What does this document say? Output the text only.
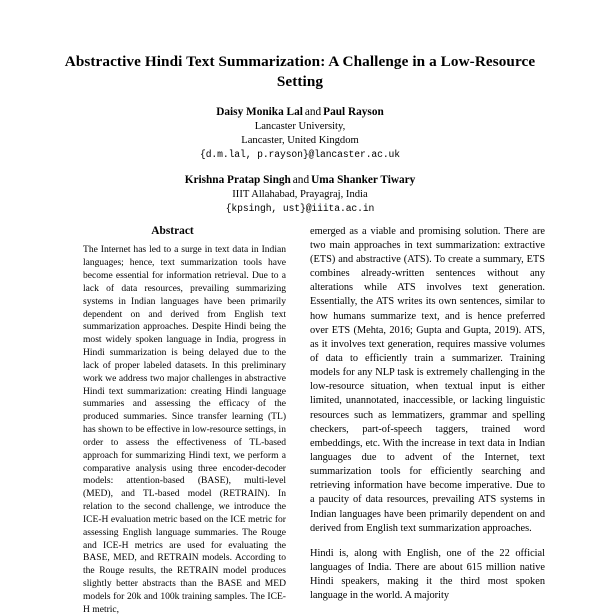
Abstractive Hindi Text Summarization: A Challenge in a Low-Resource Setting
Daisy Monika Lal and Paul Rayson
Lancaster University,
Lancaster, United Kingdom
{d.m.lal, p.rayson}@lancaster.ac.uk
Krishna Pratap Singh and Uma Shanker Tiwary
IIIT Allahabad, Prayagraj, India
{kpsingh, ust}@iiita.ac.in
Abstract

The Internet has led to a surge in text data in Indian languages; hence, text summarization tools have become essential for information retrieval. Due to a lack of data resources, prevailing summarizing systems in Indian languages have been primarily dependent on and derived from English text summarization approaches. Despite Hindi being the most widely spoken language in India, progress in Hindi summarization is being delayed due to the lack of proper labeled datasets. In this preliminary work we address two major challenges in abstractive Hindi text summarization: creating Hindi language summaries and assessing the efficacy of the produced summaries. Since transfer learning (TL) has shown to be effective in low-resource settings, in order to assess the effectiveness of TL-based approach for summarizing Hindi text, we perform a comparative analysis using three encoder-decoder models: attention-based (BASE), multi-level (MED), and TL-based model (RETRAIN). In relation to the second challenge, we introduce the ICE-H evaluation metric based on the ICE metric for assessing English language summaries. The Rouge and ICE-H metrics are used for evaluating the BASE, MED, and RETRAIN models. According to the Rouge results, the RETRAIN model produces slightly better abstracts than the BASE and MED models for 20k and 100k training samples. The ICE-H metric,

emerged as a viable and promising solution. There are two main approaches in text summarization: extractive (ETS) and abstractive (ATS). To create a summary, ETS combines already-written sentences without any alterations while ATS involves text generation. Essentially, the ATS writes its own sentences, similar to how humans summarize text, and is hence preferred over ETS (Mehta, 2016; Gupta and Gupta, 2019). ATS, as it involves text generation, requires massive volumes of data to efficiently train a summarizer. Training models for any NLP task is extremely challenging in the low-resource situation, when textual input is either limited, unannotated, inaccessible, or lacking linguistic resources such as lemmatizers, grammar and spelling checkers, part-of-speech taggers, trained word embeddings, etc. With the increase in text data in Indian languages due to advent of the Internet, text summarization tools for efficiently searching and retrieving information have become imperative. Due to a paucity of data resources, prevailing ATS systems in Indian languages have been primarily dependent on and derived from English text summarization approaches.

Hindi is, along with English, one of the 22 official languages of India. There are about 615 million native Hindi speakers, making it the third most spoken language in the world. A majority
